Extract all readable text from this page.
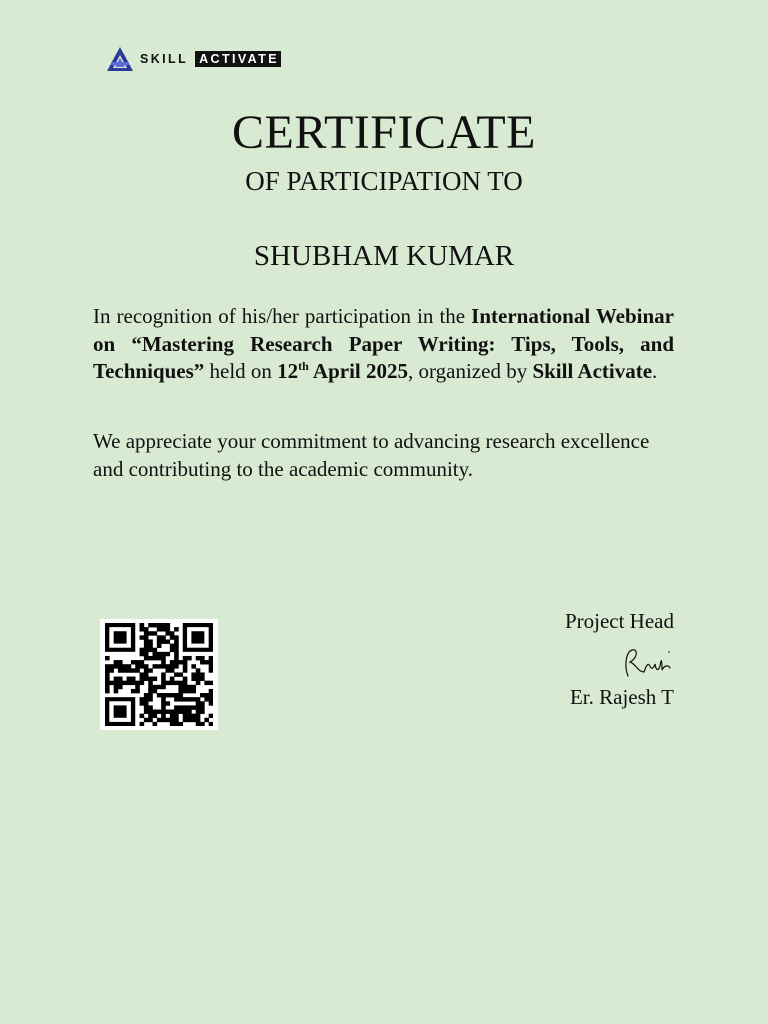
SKILL ACTIVATE
CERTIFICATE
OF PARTICIPATION TO
SHUBHAM KUMAR
In recognition of his/her participation in the International Webinar on “Mastering Research Paper Writing: Tips, Tools, and Techniques” held on 12th April 2025, organized by Skill Activate.
We appreciate your commitment to advancing research excellence and contributing to the academic community.
Project Head
Er. Rajesh T
